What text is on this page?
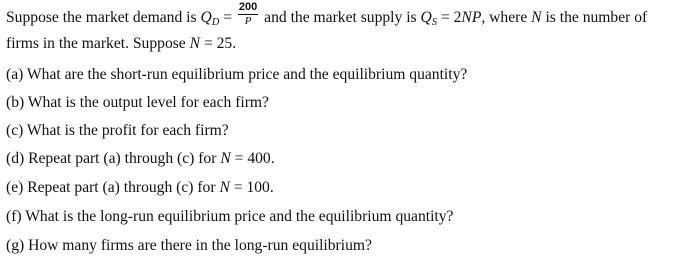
Suppose the market demand is $Q_D = \frac{200}{P}$ and the market supply is $Q_S = 2NP$, where N is the number of
firms in the market. Suppose N = 25.
(a) What are the short-run equilibrium price and the equilibrium quantity?
(b) What is the output level for each firm?
(c) What is the profit for each firm?
(d) Repeat part (a) through (c) for N = 400.
(e) Repeat part (a) through (c) for N = 100.
(f) What is the long-run equilibrium price and the equilibrium quantity?
(g) How many firms are there in the long-run equilibrium?
